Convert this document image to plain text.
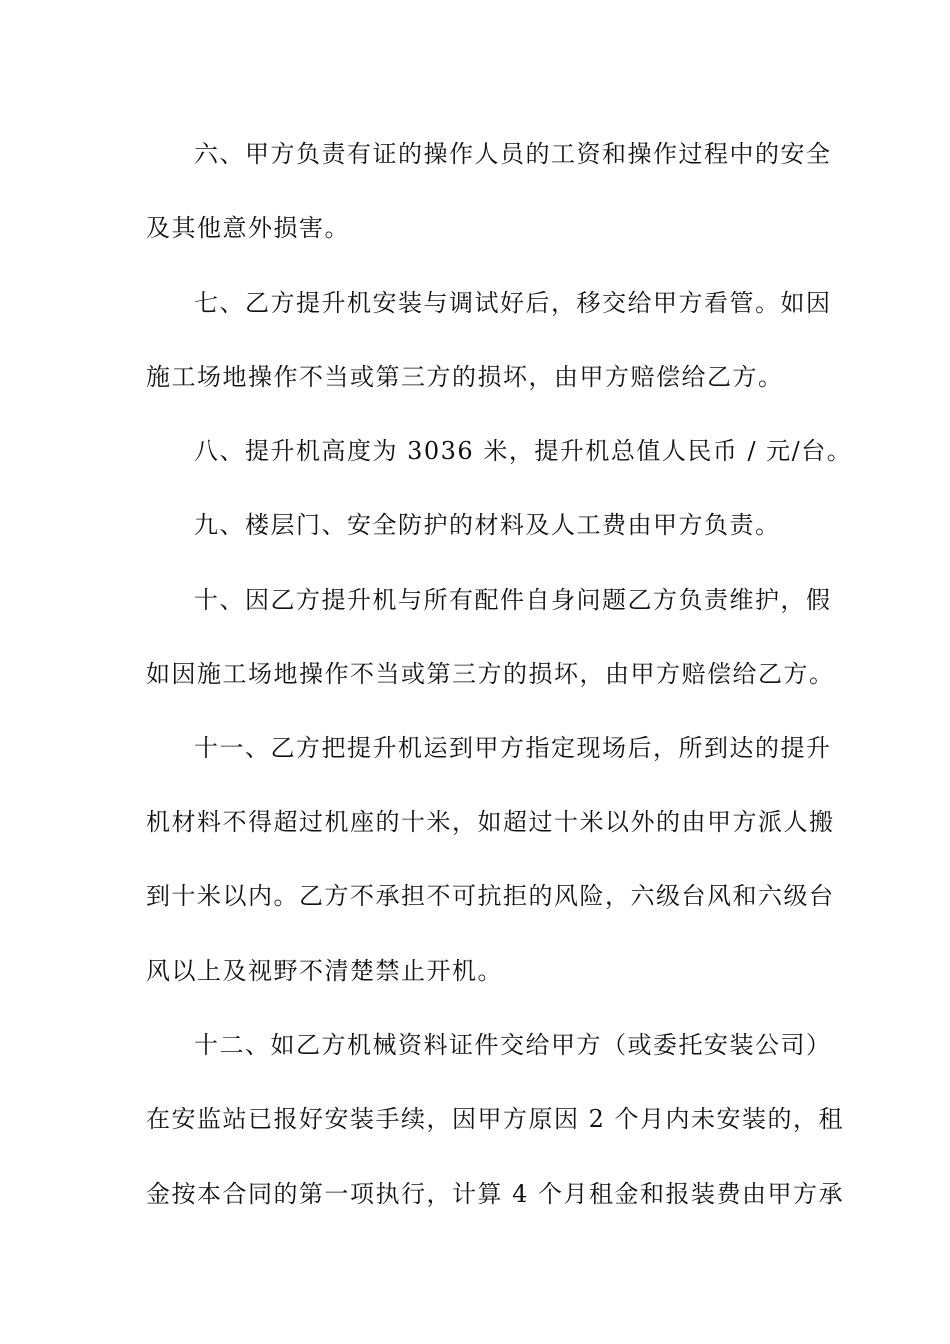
六、甲方负责有证的操作人员的工资和操作过程中的安全
及其他意外损害。
七、乙方提升机安装与调试好后，移交给甲方看管。如因
施工场地操作不当或第三方的损坏，由甲方赔偿给乙方。
八、提升机高度为 3036 米，提升机总值人民币 / 元/台。
九、楼层门、安全防护的材料及人工费由甲方负责。
十、因乙方提升机与所有配件自身问题乙方负责维护，假
如因施工场地操作不当或第三方的损坏，由甲方赔偿给乙方。
十一、乙方把提升机运到甲方指定现场后，所到达的提升
机材料不得超过机座的十米，如超过十米以外的由甲方派人搬
到十米以内。乙方不承担不可抗拒的风险，六级台风和六级台
风以上及视野不清楚禁止开机。
十二、如乙方机械资料证件交给甲方（或委托安装公司）
在安监站已报好安装手续，因甲方原因 2 个月内未安装的，租
金按本合同的第一项执行，计算 4 个月租金和报装费由甲方承
